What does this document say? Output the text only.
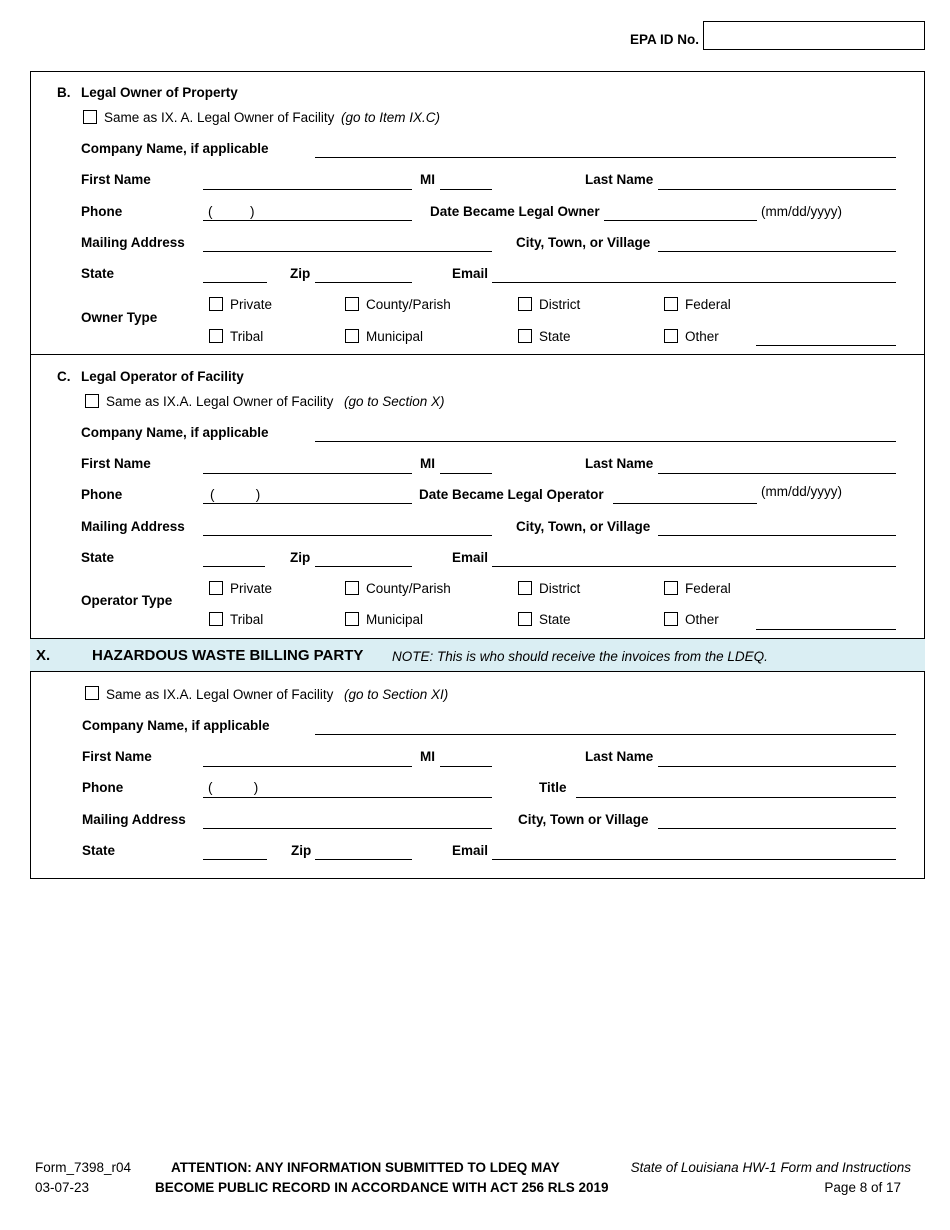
EPA ID No.
B. Legal Owner of Property
Same as IX. A. Legal Owner of Facility (go to Item IX.C)
Company Name, if applicable
First Name	MI	Last Name
Phone	(          )	Date Became Legal Owner	(mm/dd/yyyy)
Mailing Address	City, Town, or Village
State	Zip	Email
Owner Type
Private	County/Parish	District	Federal
Tribal	Municipal	State	Other
C. Legal Operator of Facility
Same as IX.A. Legal Owner of Facility (go to Section X)
Company Name, if applicable
First Name	MI	Last Name
Phone	(           )	Date Became Legal Operator	(mm/dd/yyyy)
Mailing Address	City, Town, or Village
State	Zip	Email
Operator Type
Private	County/Parish	District	Federal
Tribal	Municipal	State	Other
X.	HAZARDOUS WASTE BILLING PARTY NOTE: This is who should receive the invoices from the LDEQ.
Same as IX.A. Legal Owner of Facility (go to Section XI)
Company Name, if applicable
First Name	MI	Last Name
Phone	(           )	Title
Mailing Address	City, Town or Village
State	Zip	Email
Form_7398_r04
03-07-23
ATTENTION: ANY INFORMATION SUBMITTED TO LDEQ MAY
BECOME PUBLIC RECORD IN ACCORDANCE WITH ACT 256 RLS 2019
State of Louisiana HW-1 Form and Instructions
Page 8 of 17
